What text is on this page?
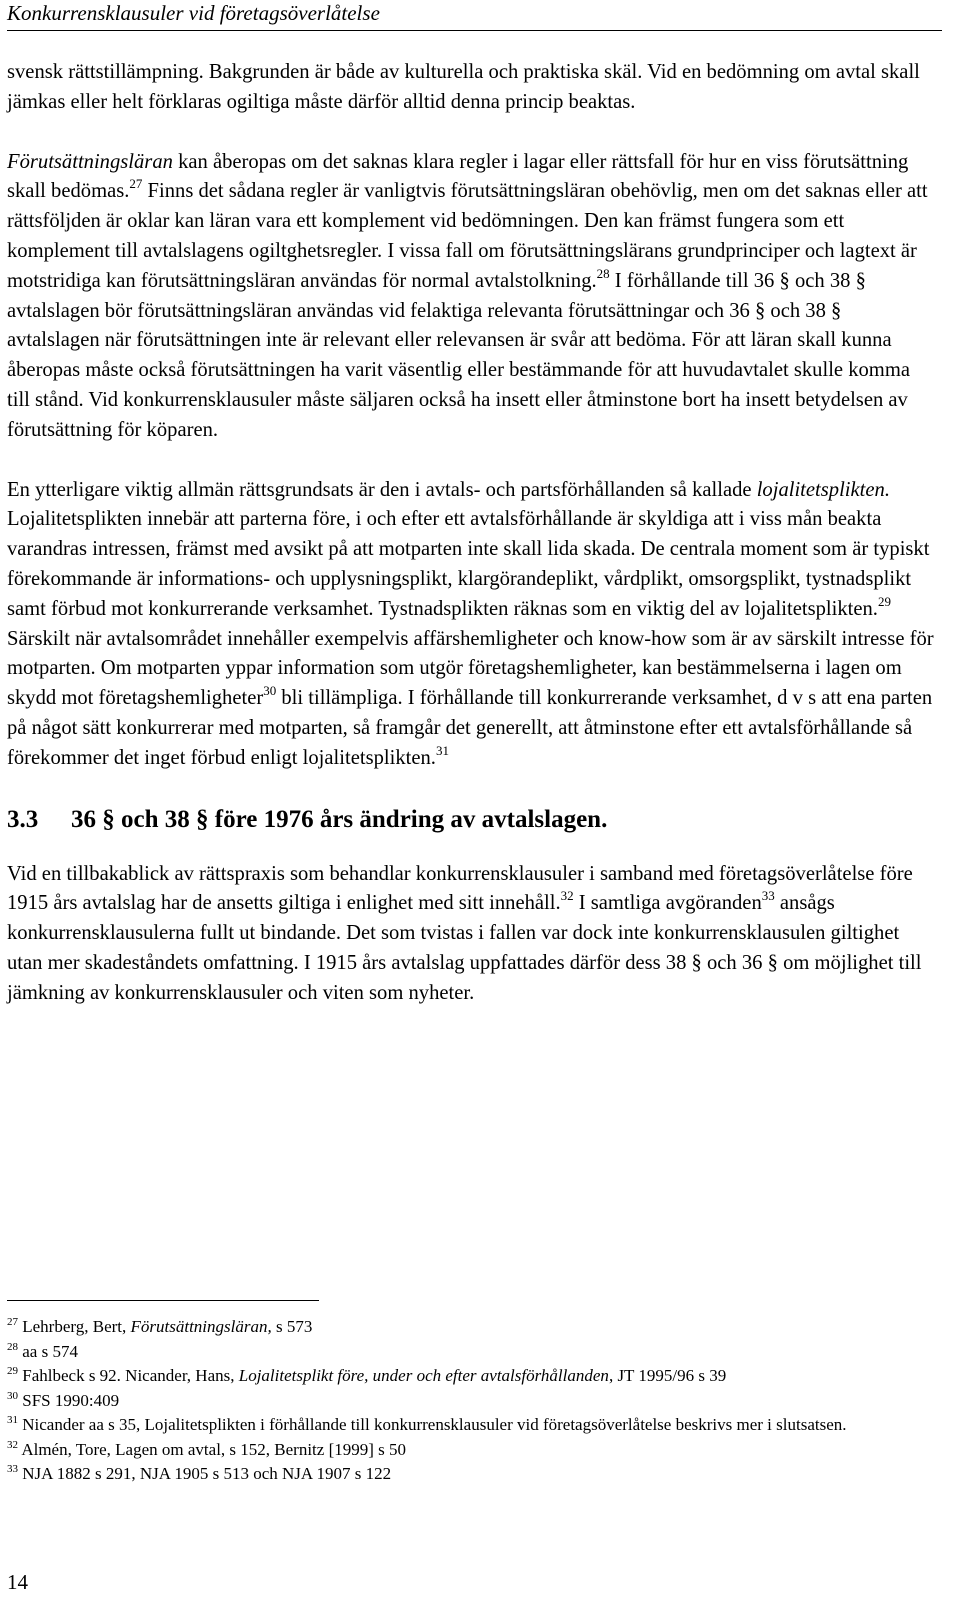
Konkurrensklausuler vid företagsöverlåtelse

svensk rättstillämpning. Bakgrunden är både av kulturella och praktiska skäl. Vid en bedömning om avtal skall jämkas eller helt förklaras ogiltiga måste därför alltid denna princip beaktas.

Förutsättningsläran kan åberopas om det saknas klara regler i lagar eller rättsfall för hur en viss förutsättning skall bedömas.$^{27}$ Finns det sådana regler är vanligtvis förutsättningsläran obehövlig, men om det saknas eller att rättsföljden är oklar kan läran vara ett komplement vid bedömningen. Den kan främst fungera som ett komplement till avtalslagens ogiltghetsregler. I vissa fall om förutsättningslärans grundprinciper och lagtext är motstridiga kan förutsättningsläran användas för normal avtalstolkning.$^{28}$ I förhållande till 36 § och 38 § avtalslagen bör förutsättningsläran användas vid felaktiga relevanta förutsättningar och 36 § och 38 § avtalslagen när förutsättningen inte är relevant eller relevansen är svår att bedöma. För att läran skall kunna åberopas måste också förutsättningen ha varit väsentlig eller bestämmande för att huvudavtalet skulle komma till stånd. Vid konkurrensklausuler måste säljaren också ha insett eller åtminstone bort ha insett betydelsen av förutsättning för köparen.

En ytterligare viktig allmän rättsgrundsats är den i avtals- och partsförhållanden så kallade lojalitetsplikten. Lojalitetsplikten innebär att parterna före, i och efter ett avtalsförhållande är skyldiga att i viss mån beakta varandras intressen, främst med avsikt på att motparten inte skall lida skada. De centrala moment som är typiskt förekommande är informations- och upplysningsplikt, klargörandeplikt, vårdplikt, omsorgsplikt, tystnadsplikt samt förbud mot konkurrerande verksamhet. Tystnadsplikten räknas som en viktig del av lojalitetsplikten.$^{29}$ Särskilt när avtalsområdet innehåller exempelvis affärshemligheter och know-how som är av särskilt intresse för motparten. Om motparten yppar information som utgör företagshemligheter, kan bestämmelserna i lagen om skydd mot företagshemligheter$^{30}$ bli tillämpliga. I förhållande till konkurrerande verksamhet, d v s att ena parten på något sätt konkurrerar med motparten, så framgår det generellt, att åtminstone efter ett avtalsförhållande så förekommer det inget förbud enligt lojalitetsplikten.$^{31}$

3.3 36 § och 38 § före 1976 års ändring av avtalslagen.

Vid en tillbakablick av rättspraxis som behandlar konkurrensklausuler i samband med företagsöverlåtelse före 1915 års avtalslag har de ansetts giltiga i enlighet med sitt innehåll.$^{32}$ I samtliga avgöranden$^{33}$ ansågs konkurrensklausulerna fullt ut bindande. Det som tvistas i fallen var dock inte konkurrensklausulen giltighet utan mer skadeståndets omfattning. I 1915 års avtalslag uppfattades därför dess 38 § och 36 § om möjlighet till jämkning av konkurrensklausuler och viten som nyheter.

$^{27}$ Lehrberg, Bert, Förutsättningsläran, s 573

$^{28}$ aa s 574

$^{29}$ Fahlbeck s 92. Nicander, Hans, Lojalitetsplikt före, under och efter avtalsförhållanden, JT 1995/96 s 39

$^{30}$ SFS 1990:409

$^{31}$ Nicander aa s 35, Lojalitetsplikten i förhållande till konkurrensklausuler vid företagsöverlåtelse beskrivs mer i slutsatsen.

$^{32}$ Almén, Tore, Lagen om avtal, s 152, Bernitz [1999] s 50

$^{33}$ NJA 1882 s 291, NJA 1905 s 513 och NJA 1907 s 122

14
